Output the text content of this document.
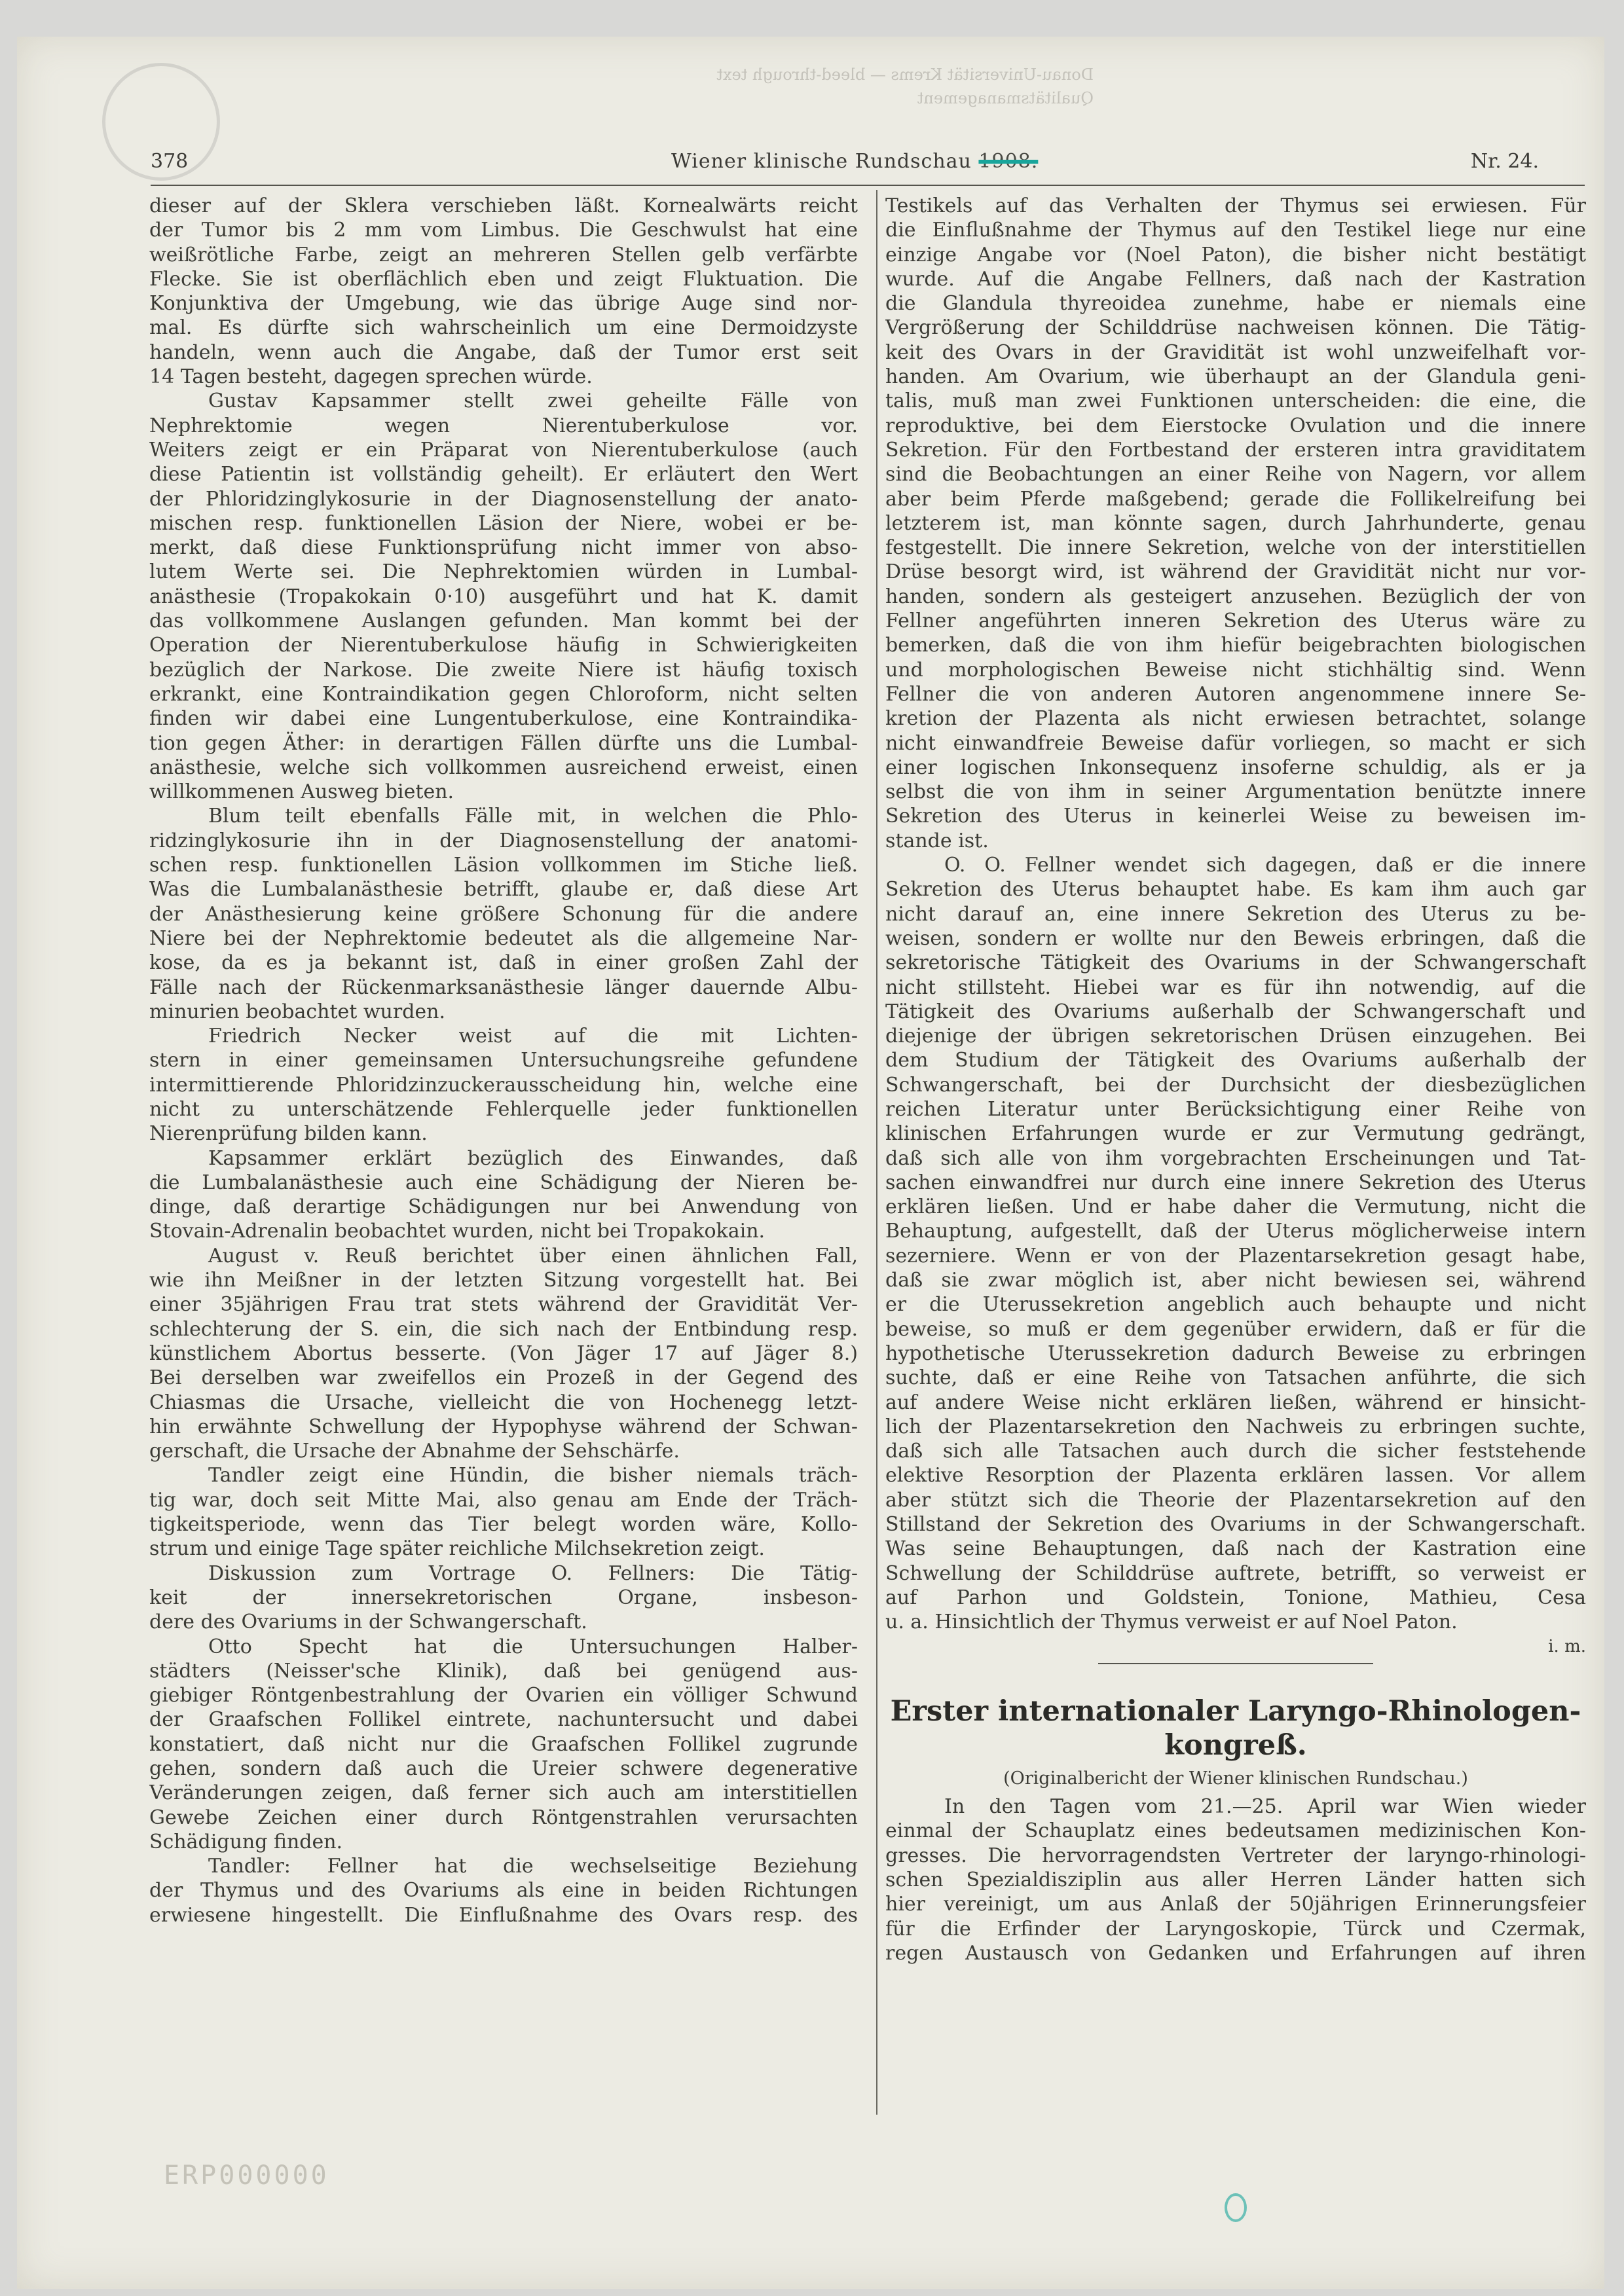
Donau-Universität Krems — bleed-through text

Qualitätsmanagement

378	Wiener klinische Rundschau 1908.	Nr. 24.

dieser auf der Sklera verschieben läßt. Kornealwärts reicht
der Tumor bis 2 mm vom Limbus. Die Geschwulst hat eine
weißrötliche Farbe, zeigt an mehreren Stellen gelb verfärbte
Flecke. Sie ist oberflächlich eben und zeigt Fluktuation. Die
Konjunktiva der Umgebung, wie das übrige Auge sind nor-
mal. Es dürfte sich wahrscheinlich um eine Dermoidzyste
handeln, wenn auch die Angabe, daß der Tumor erst seit
14 Tagen besteht, dagegen sprechen würde.

Gustav Kapsammer stellt zwei geheilte Fälle von
Nephrektomie wegen Nierentuberkulose vor.
Weiters zeigt er ein Präparat von Nierentuberkulose (auch
diese Patientin ist vollständig geheilt). Er erläutert den Wert
der Phloridzinglykosurie in der Diagnosenstellung der anato-
mischen resp. funktionellen Läsion der Niere, wobei er be-
merkt, daß diese Funktionsprüfung nicht immer von abso-
lutem Werte sei. Die Nephrektomien würden in Lumbal-
anästhesie (Tropakokain 0·10) ausgeführt und hat K. damit
das vollkommene Auslangen gefunden. Man kommt bei der
Operation der Nierentuberkulose häufig in Schwierigkeiten
bezüglich der Narkose. Die zweite Niere ist häufig toxisch
erkrankt, eine Kontraindikation gegen Chloroform, nicht selten
finden wir dabei eine Lungentuberkulose, eine Kontraindika-
tion gegen Äther: in derartigen Fällen dürfte uns die Lumbal-
anästhesie, welche sich vollkommen ausreichend erweist, einen
willkommenen Ausweg bieten.

Blum teilt ebenfalls Fälle mit, in welchen die Phlo-
ridzinglykosurie ihn in der Diagnosenstellung der anatomi-
schen resp. funktionellen Läsion vollkommen im Stiche ließ.
Was die Lumbalanästhesie betrifft, glaube er, daß diese Art
der Anästhesierung keine größere Schonung für die andere
Niere bei der Nephrektomie bedeutet als die allgemeine Nar-
kose, da es ja bekannt ist, daß in einer großen Zahl der
Fälle nach der Rückenmarksanästhesie länger dauernde Albu-
minurien beobachtet wurden.

Friedrich Necker weist auf die mit Lichten-
stern in einer gemeinsamen Untersuchungsreihe gefundene
intermittierende Phloridzinzuckerausscheidung hin, welche eine
nicht zu unterschätzende Fehlerquelle jeder funktionellen
Nierenprüfung bilden kann.

Kapsammer erklärt bezüglich des Einwandes, daß
die Lumbalanästhesie auch eine Schädigung der Nieren be-
dinge, daß derartige Schädigungen nur bei Anwendung von
Stovain-Adrenalin beobachtet wurden, nicht bei Tropakokain.

August v. Reuß berichtet über einen ähnlichen Fall,
wie ihn Meißner in der letzten Sitzung vorgestellt hat. Bei
einer 35jährigen Frau trat stets während der Gravidität Ver-
schlechterung der S. ein, die sich nach der Entbindung resp.
künstlichem Abortus besserte. (Von Jäger 17 auf Jäger 8.)
Bei derselben war zweifellos ein Prozeß in der Gegend des
Chiasmas die Ursache, vielleicht die von Hochenegg letzt-
hin erwähnte Schwellung der Hypophyse während der Schwan-
gerschaft, die Ursache der Abnahme der Sehschärfe.

Tandler zeigt eine Hündin, die bisher niemals träch-
tig war, doch seit Mitte Mai, also genau am Ende der Träch-
tigkeitsperiode, wenn das Tier belegt worden wäre, Kollo-
strum und einige Tage später reichliche Milchsekretion zeigt.

Diskussion zum Vortrage O. Fellners: Die Tätig-
keit der innersekretorischen Organe, insbeson-
dere des Ovariums in der Schwangerschaft.

Otto Specht hat die Untersuchungen Halber-
städters (Neisser'sche Klinik), daß bei genügend aus-
giebiger Röntgenbestrahlung der Ovarien ein völliger Schwund
der Graafschen Follikel eintrete, nachuntersucht und dabei
konstatiert, daß nicht nur die Graafschen Follikel zugrunde
gehen, sondern daß auch die Ureier schwere degenerative
Veränderungen zeigen, daß ferner sich auch am interstitiellen
Gewebe Zeichen einer durch Röntgenstrahlen verursachten
Schädigung finden.

Tandler: Fellner hat die wechselseitige Beziehung
der Thymus und des Ovariums als eine in beiden Richtungen
erwiesene hingestellt. Die Einflußnahme des Ovars resp. des

Testikels auf das Verhalten der Thymus sei erwiesen. Für
die Einflußnahme der Thymus auf den Testikel liege nur eine
einzige Angabe vor (Noel Paton), die bisher nicht bestätigt
wurde. Auf die Angabe Fellners, daß nach der Kastration
die Glandula thyreoidea zunehme, habe er niemals eine
Vergrößerung der Schilddrüse nachweisen können. Die Tätig-
keit des Ovars in der Gravidität ist wohl unzweifelhaft vor-
handen. Am Ovarium, wie überhaupt an der Glandula geni-
talis, muß man zwei Funktionen unterscheiden: die eine, die
reproduktive, bei dem Eierstocke Ovulation und die innere
Sekretion. Für den Fortbestand der ersteren intra graviditatem
sind die Beobachtungen an einer Reihe von Nagern, vor allem
aber beim Pferde maßgebend; gerade die Follikelreifung bei
letzterem ist, man könnte sagen, durch Jahrhunderte, genau
festgestellt. Die innere Sekretion, welche von der interstitiellen
Drüse besorgt wird, ist während der Gravidität nicht nur vor-
handen, sondern als gesteigert anzusehen. Bezüglich der von
Fellner angeführten inneren Sekretion des Uterus wäre zu
bemerken, daß die von ihm hiefür beigebrachten biologischen
und morphologischen Beweise nicht stichhältig sind. Wenn
Fellner die von anderen Autoren angenommene innere Se-
kretion der Plazenta als nicht erwiesen betrachtet, solange
nicht einwandfreie Beweise dafür vorliegen, so macht er sich
einer logischen Inkonsequenz insoferne schuldig, als er ja
selbst die von ihm in seiner Argumentation benützte innere
Sekretion des Uterus in keinerlei Weise zu beweisen im-
stande ist.

O. O. Fellner wendet sich dagegen, daß er die innere
Sekretion des Uterus behauptet habe. Es kam ihm auch gar
nicht darauf an, eine innere Sekretion des Uterus zu be-
weisen, sondern er wollte nur den Beweis erbringen, daß die
sekretorische Tätigkeit des Ovariums in der Schwangerschaft
nicht stillsteht. Hiebei war es für ihn notwendig, auf die
Tätigkeit des Ovariums außerhalb der Schwangerschaft und
diejenige der übrigen sekretorischen Drüsen einzugehen. Bei
dem Studium der Tätigkeit des Ovariums außerhalb der
Schwangerschaft, bei der Durchsicht der diesbezüglichen
reichen Literatur unter Berücksichtigung einer Reihe von
klinischen Erfahrungen wurde er zur Vermutung gedrängt,
daß sich alle von ihm vorgebrachten Erscheinungen und Tat-
sachen einwandfrei nur durch eine innere Sekretion des Uterus
erklären ließen. Und er habe daher die Vermutung, nicht die
Behauptung, aufgestellt, daß der Uterus möglicherweise intern
sezerniere. Wenn er von der Plazentarsekretion gesagt habe,
daß sie zwar möglich ist, aber nicht bewiesen sei, während
er die Uterussekretion angeblich auch behaupte und nicht
beweise, so muß er dem gegenüber erwidern, daß er für die
hypothetische Uterussekretion dadurch Beweise zu erbringen
suchte, daß er eine Reihe von Tatsachen anführte, die sich
auf andere Weise nicht erklären ließen, während er hinsicht-
lich der Plazentarsekretion den Nachweis zu erbringen suchte,
daß sich alle Tatsachen auch durch die sicher feststehende
elektive Resorption der Plazenta erklären lassen. Vor allem
aber stützt sich die Theorie der Plazentarsekretion auf den
Stillstand der Sekretion des Ovariums in der Schwangerschaft.
Was seine Behauptungen, daß nach der Kastration eine
Schwellung der Schilddrüse auftrete, betrifft, so verweist er
auf Parhon und Goldstein, Tonione, Mathieu, Cesa
u. a. Hinsichtlich der Thymus verweist er auf Noel Paton.

i. m.

Erster internationaler Laryngo-Rhinologen-
kongreß.

(Originalbericht der Wiener klinischen Rundschau.)

In den Tagen vom 21.—25. April war Wien wieder
einmal der Schauplatz eines bedeutsamen medizinischen Kon-
gresses. Die hervorragendsten Vertreter der laryngo-rhinologi-
schen Spezialdisziplin aus aller Herren Länder hatten sich
hier vereinigt, um aus Anlaß der 50jährigen Erinnerungsfeier
für die Erfinder der Laryngoskopie, Türck und Czermak,
regen Austausch von Gedanken und Erfahrungen auf ihren
ERP000000
